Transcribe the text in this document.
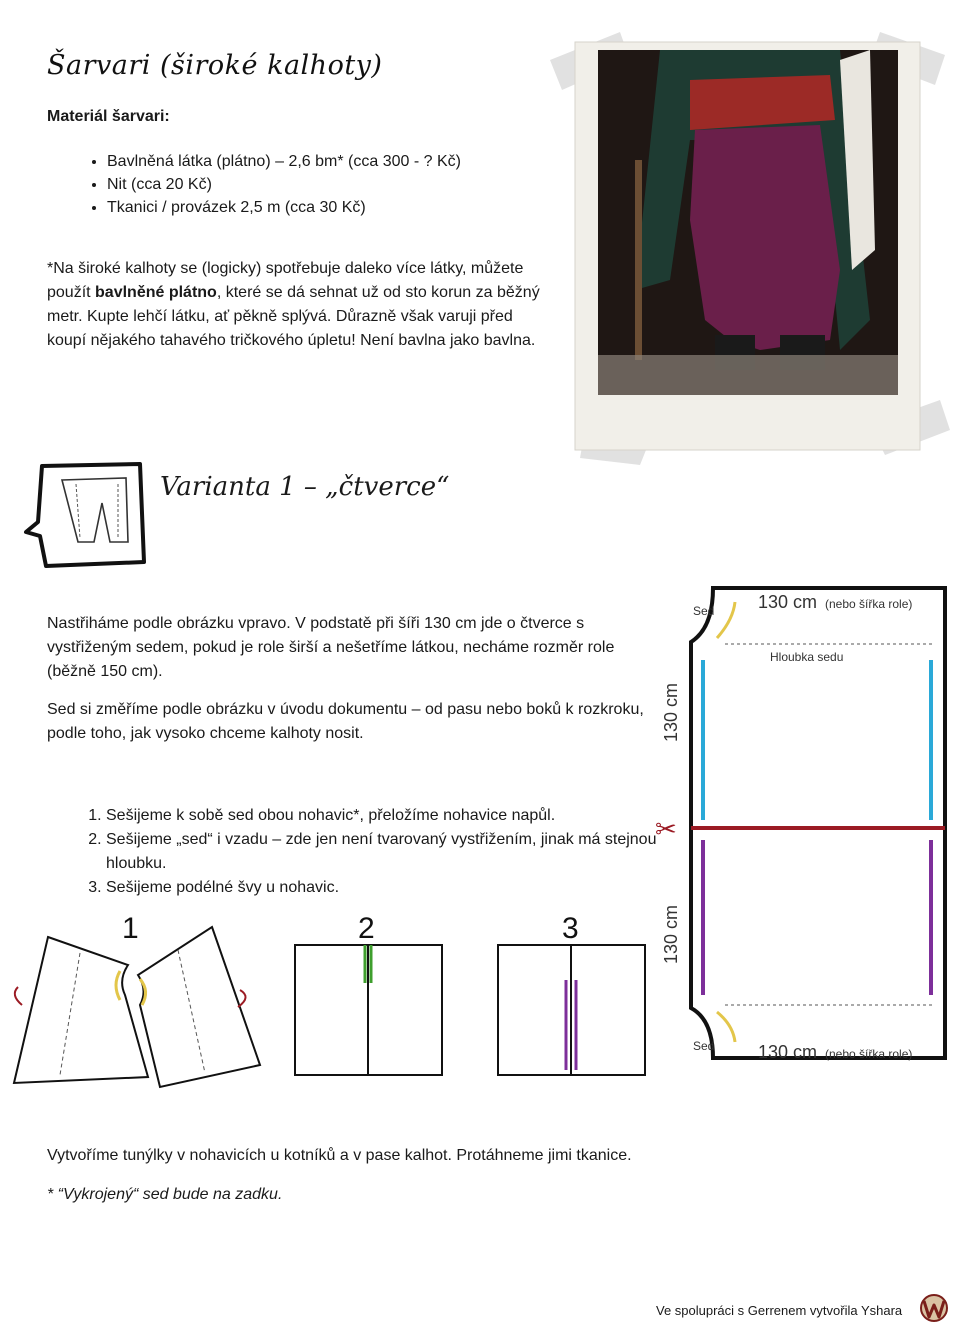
Šarvari (široké kalhoty)
Materiál šarvari:
• Bavlněná látka (plátno) – 2,6 bm* (cca 300 - ? Kč)
• Nit (cca 20 Kč)
• Tkanici / provázek 2,5 m (cca 30 Kč)
*Na široké kalhoty se (logicky) spotřebuje daleko více látky, můžete použít bavlněné plátno, které se dá sehnat už od sto korun za běžný metr. Kupte lehčí látku, ať pěkně splývá. Důrazně však varuji před koupí nějakého tahavého tričkového úpletu! Není bavlna jako bavlna.
Varianta 1 – „čtverce“
Nastřiháme podle obrázku vpravo. V podstatě při šíři 130 cm jde o čtverce s vystřiženým sedem, pokud je role širší a nešetříme látkou, necháme rozměr role (běžně 150 cm).
Sed si změříme podle obrázku v úvodu dokumentu – od pasu nebo boků k rozkroku, podle toho, jak vysoko chceme kalhoty nosit.
1. Sešijeme k sobě sed obou nohavic*, přeložíme nohavice napůl.
2. Sešijeme „sed“ i vzadu – zde jen není tvarovaný vystřižením, jinak má stejnou hloubku.
3. Sešijeme podélné švy u nohavic.
Sed 130 cm (nebo šířka role)
Hloubka sedu
Sed 130 cm (nebo šířka role)
130 cm
130 cm
✂
1	2	3
Vytvoříme tunýlky v nohavicích u kotníků a v pase kalhot. Protáhneme jimi tkanice.
* “Vykrojený“ sed bude na zadku.
Ve spolupráci s Gerrenem vytvořila Yshara
